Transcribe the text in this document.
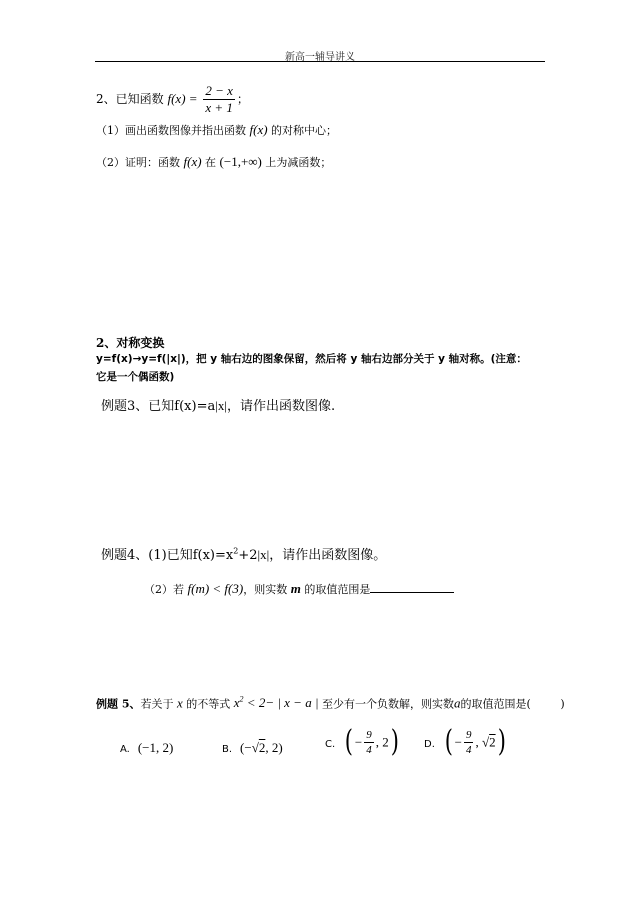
新高一辅导讲义
2、已知函数 $f(x) = \frac{2 - x}{x + 1}$ ；
（1）画出函数图像并指出函数 f(x) 的对称中心；
（2）证明：函数 f(x) 在 (−1,+∞) 上为减函数；
2、对称变换
y=f(x)→y=f(|x|)，把 y 轴右边的图象保留，然后将 y 轴右边部分关于 y 轴对称。(注意：
它是一个偶函数)
例题3、已知f(x)=a|x|，请作出函数图像.
例题4、(1)已知$f(x)=x^2+2|x|$，请作出函数图像。
（2）若 f(m) < f(3)，则实数 m 的取值范围是
例题 5、若关于 x 的不等式 $x^2 < 2-$ | x − a | 至少有一个负数解，则实数a的取值范围是(	)
A. (−1, 2)	B. (−√2, 2)	C. ( − $\frac{9}{4}$ , 2)	D. ( − $\frac{9}{4}$ , √2)
